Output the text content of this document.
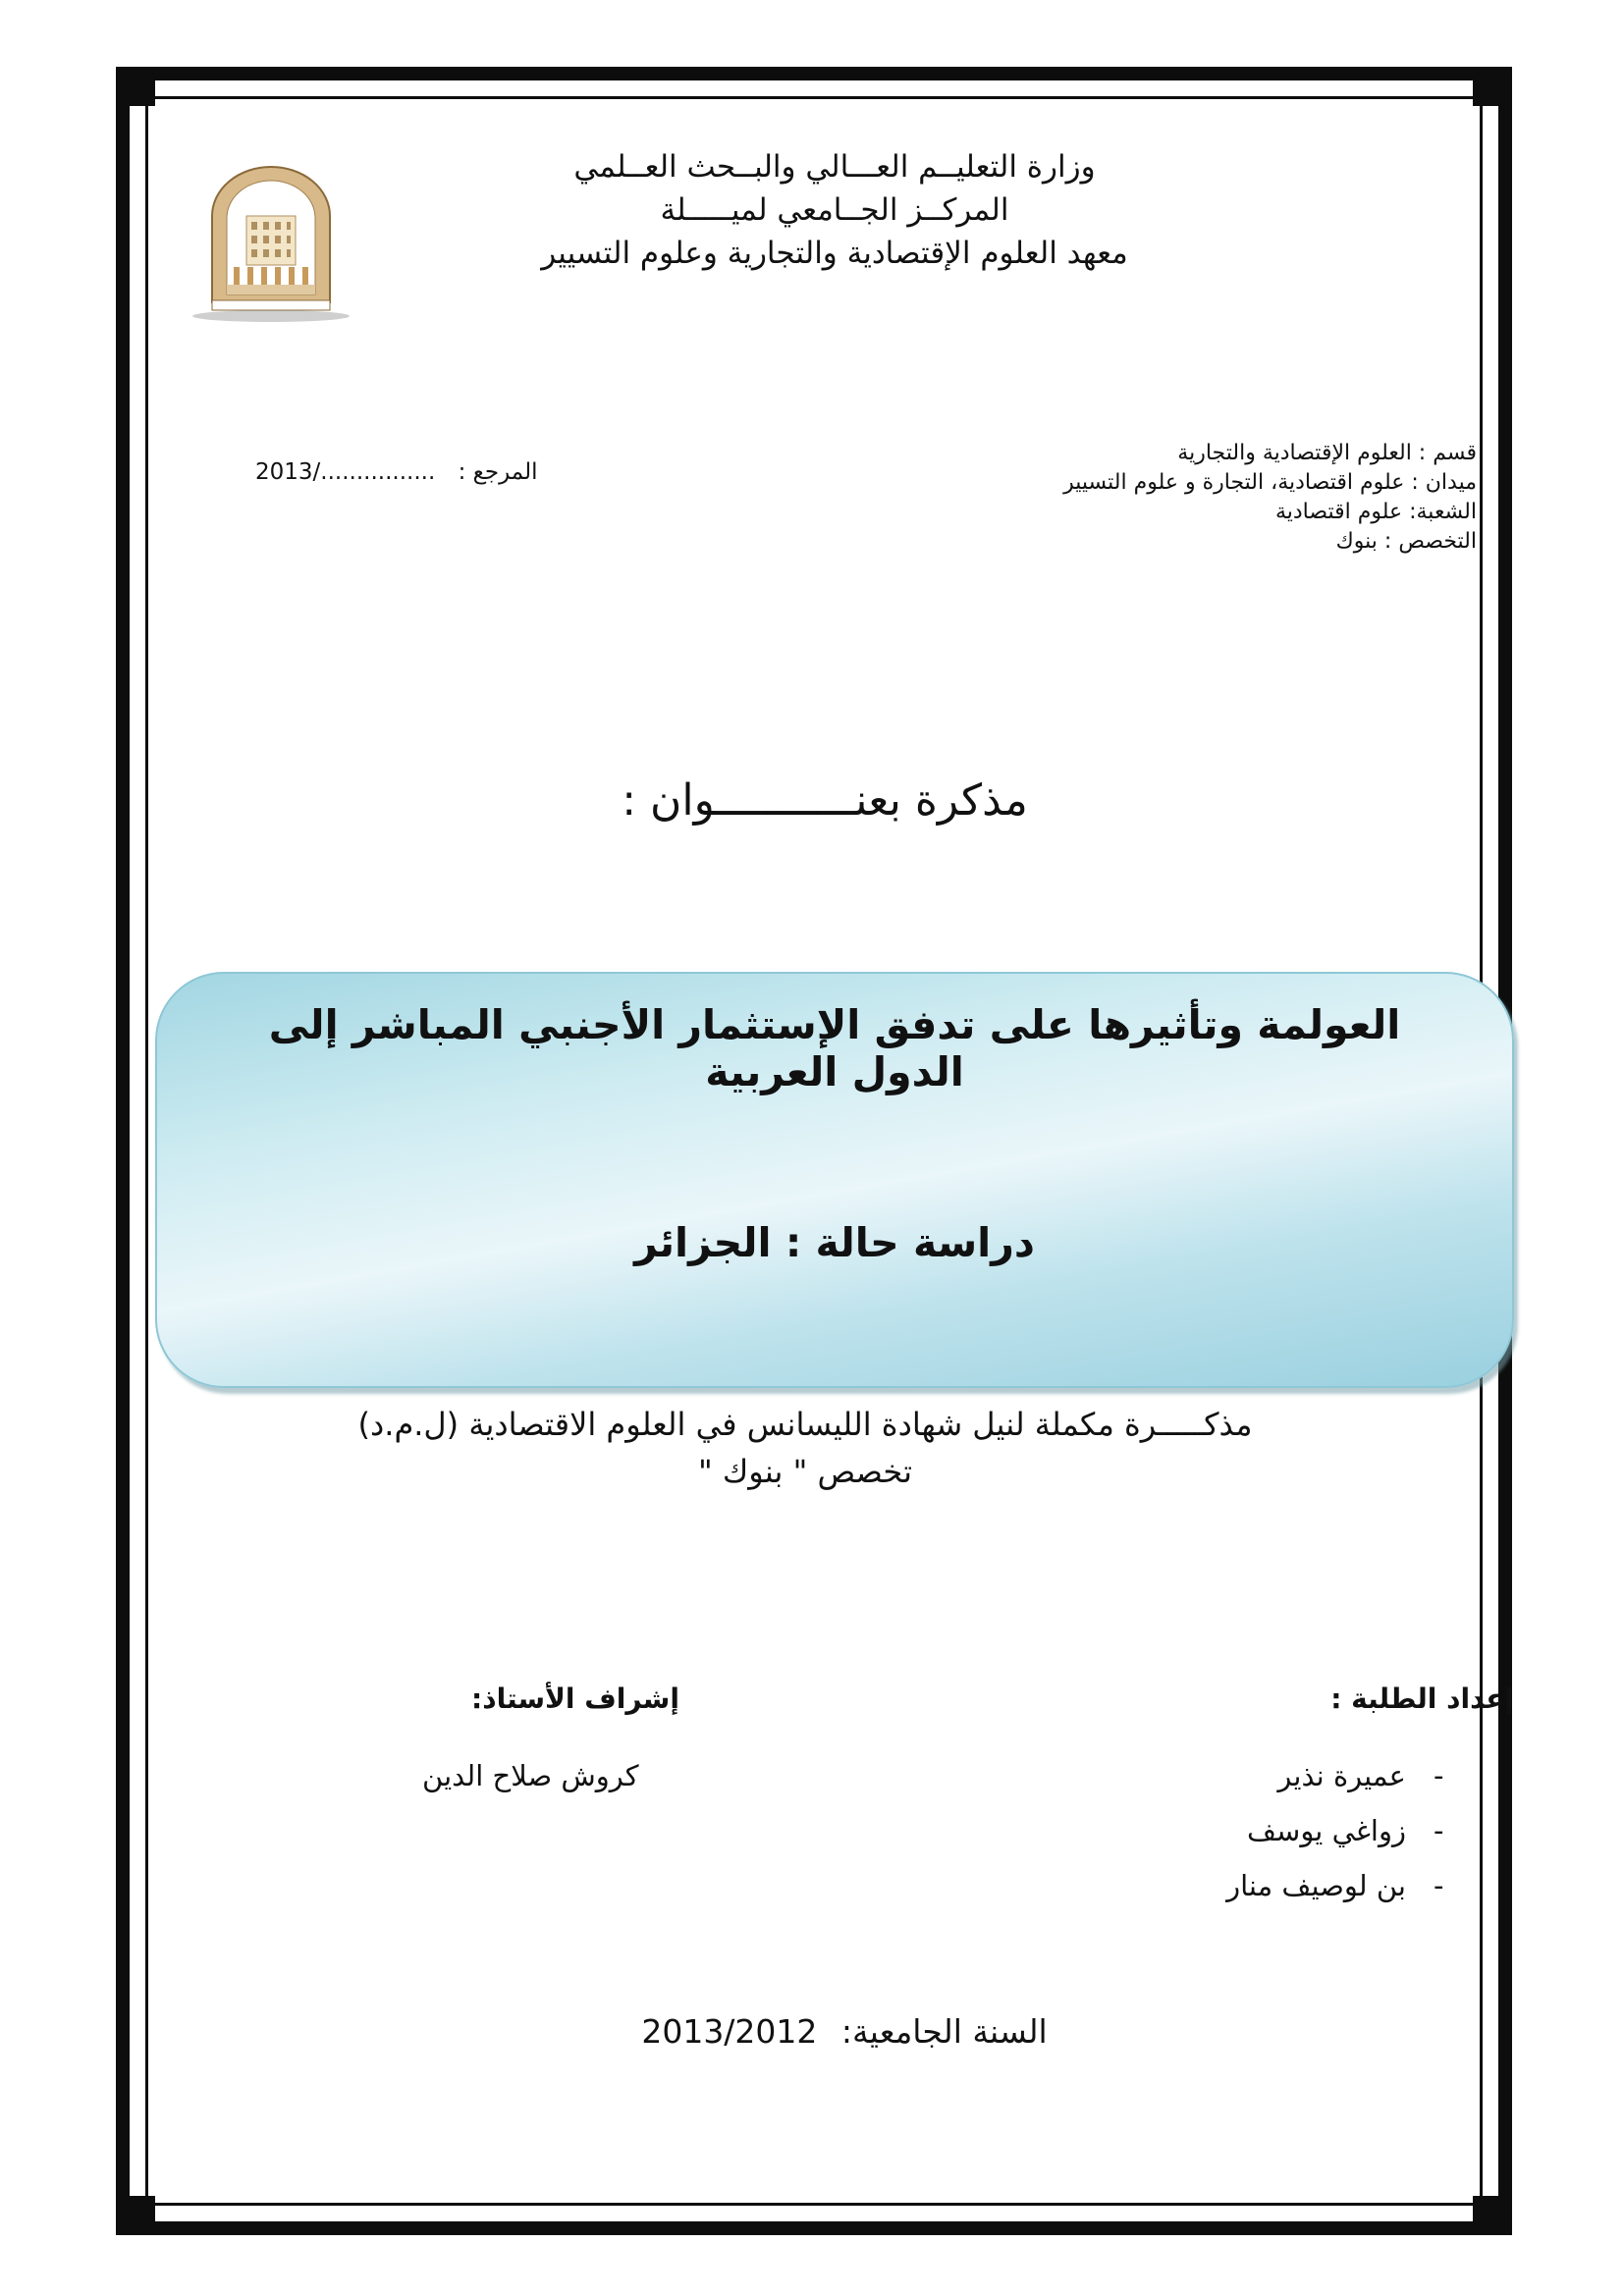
وزارة التعليــم العـــالي والبــحث العــلمي
المركــز الجــامعي لميـــــلة
معهد العلوم الإقتصادية والتجارية وعلوم التسيير
قسم : العلوم الإقتصادية والتجارية
ميدان : علوم اقتصادية، التجارة و علوم التسيير
الشعبة: علوم اقتصادية
التخصص : بنوك
2013/................ المرجع :
مذكرة بعنـــــــــــوان :
العولمة وتأثيرها على تدفق الإستثمار الأجنبي المباشر إلى الدول العربية
دراسة حالة : الجزائر
مذكـــــرة مكملة لنيل شهادة الليسانس في العلوم الاقتصادية (ل.م.د)
تخصص " بنوك "
إعداد الطلبة :
-
عميرة نذير
-
زواغي يوسف
-
بن لوصيف منار
إشراف الأستاذ:
كروش صلاح الدين
2013/2012 السنة الجامعية:
